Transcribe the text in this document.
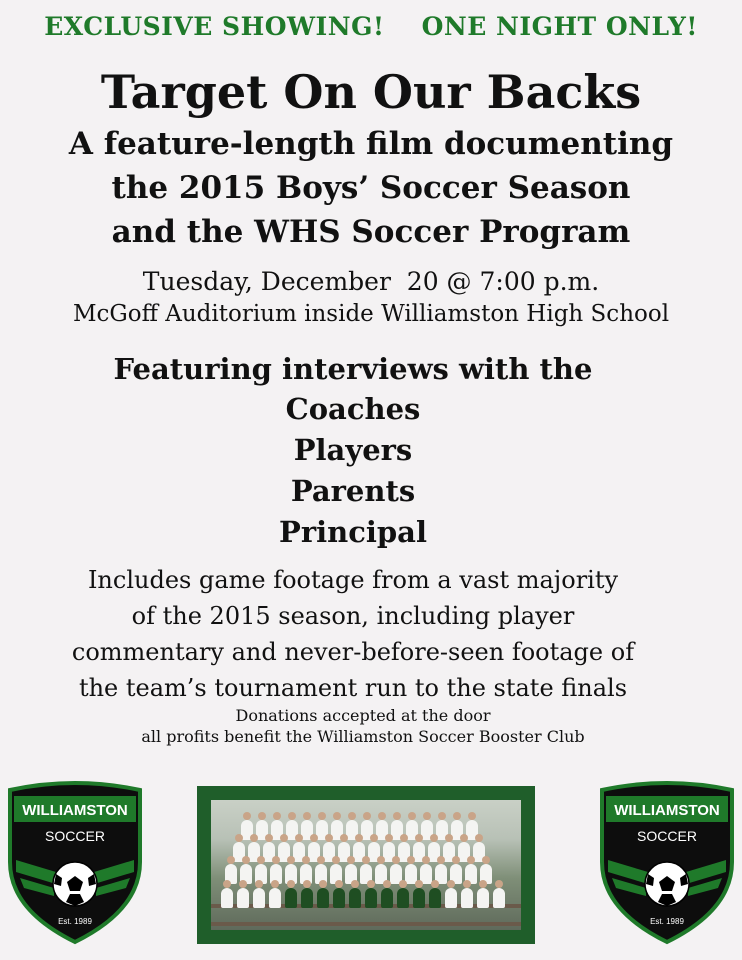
EXCLUSIVE SHOWING! ONE NIGHT ONLY!
Target On Our Backs
A feature-length film documenting
the 2015 Boys’ Soccer Season
and the WHS Soccer Program
Tuesday, December  20 @ 7:00 p.m.
McGoff Auditorium inside Williamston High School
Featuring interviews with the
Coaches
Players
Parents
Principal
Includes game footage from a vast majority
of the 2015 season, including player
commentary and never-before-seen footage of
the team’s tournament run to the state finals
Donations accepted at the door
all profits benefit the Williamston Soccer Booster Club
WILLIAMSTON
SOCCER
Est. 1989
WILLIAMSTON
SOCCER
Est. 1989
